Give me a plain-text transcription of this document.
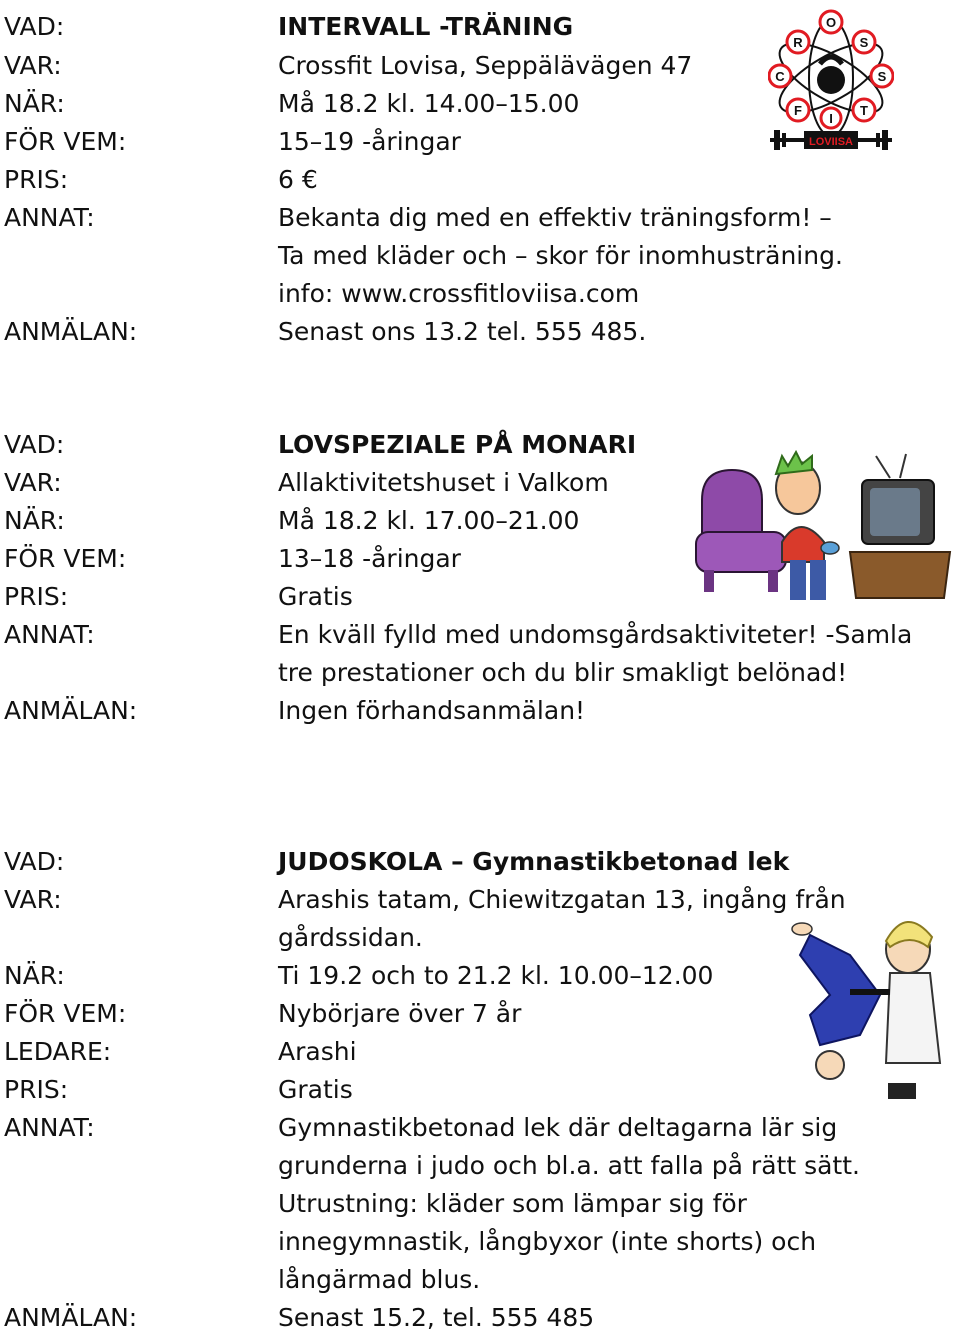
VAD:	INTERVALL -TRÄNING
VAR:	Crossfit Lovisa, Seppälävägen 47
NÄR:	Må 18.2 kl. 14.00–15.00
FÖR VEM:	15–19 -åringar
PRIS:	6 €
ANNAT:	Bekanta dig med en effektiv träningsform! –
Ta med kläder och – skor för inomhusträning.
info: www.crossfitloviisa.com
ANMÄLAN:	Senast ons 13.2 tel. 555 485.
R
O
S
C	S
F
I
T
LOVIISA
VAD:	LOVSPEZIALE PÅ MONARI
VAR:	Allaktivitetshuset i Valkom
NÄR:	Må 18.2 kl. 17.00–21.00
FÖR VEM:	13–18 -åringar
PRIS:	Gratis
ANNAT:	En kväll fylld med undomsgårdsaktiviteter! -Samla
tre prestationer och du blir smakligt belönad!
ANMÄLAN:	Ingen förhandsanmälan!
VAD:	JUDOSKOLA – Gymnastikbetonad lek
VAR:	Arashis tatam, Chiewitzgatan 13, ingång från
gårdssidan.
NÄR:	Ti 19.2 och to 21.2 kl. 10.00–12.00
FÖR VEM:	Nybörjare över 7 år
LEDARE:	Arashi
PRIS:	Gratis
ANNAT:	Gymnastikbetonad lek där deltagarna lär sig
grunderna i judo och bl.a. att falla på rätt sätt.
Utrustning: kläder som lämpar sig för
innegymnastik, långbyxor (inte shorts) och
långärmad blus.
ANMÄLAN:	Senast 15.2, tel. 555 485
